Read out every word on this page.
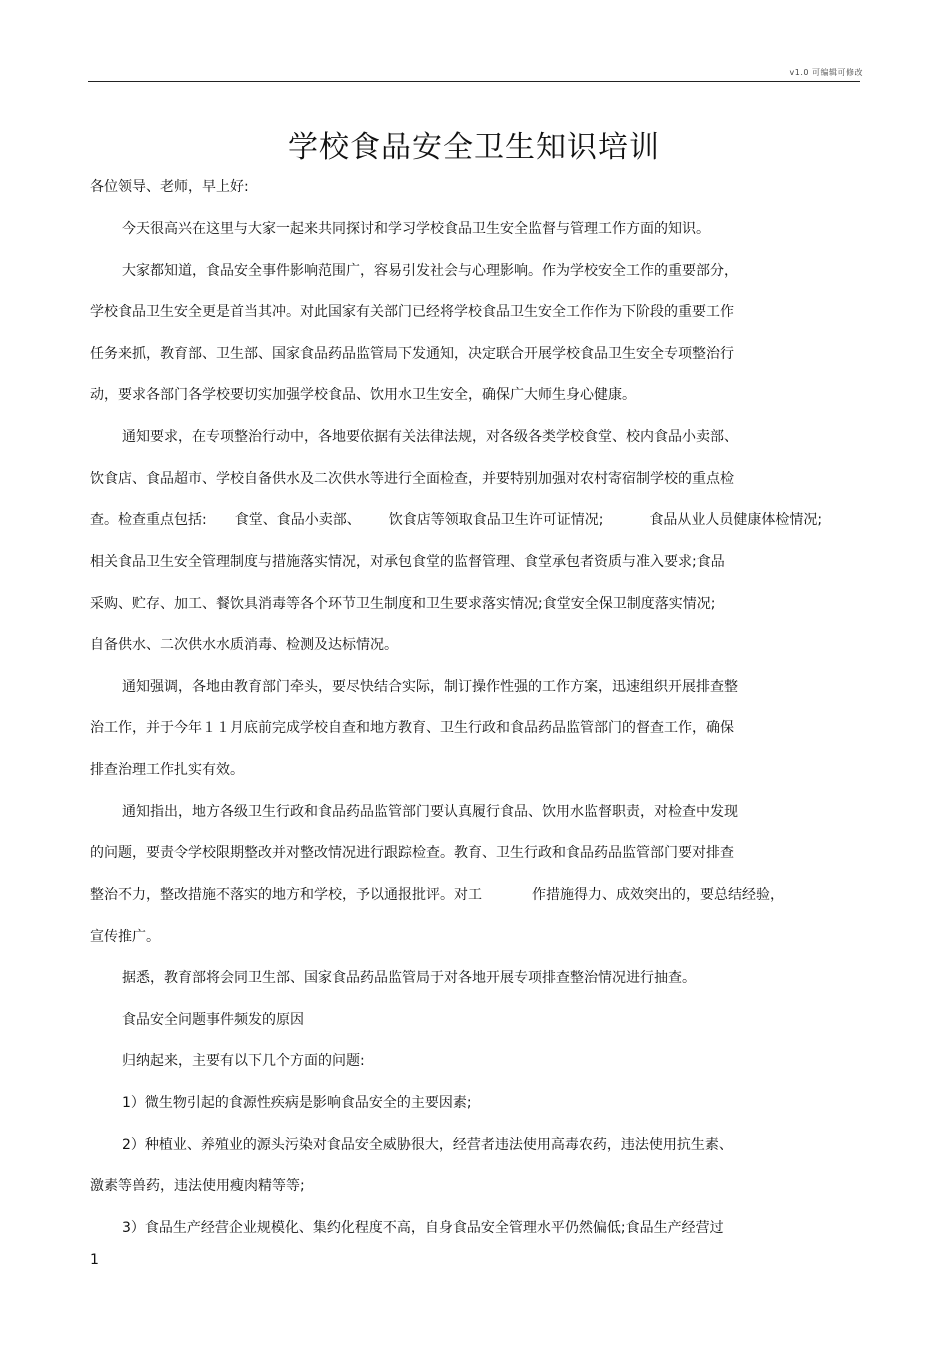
v1.0 可编辑可修改
学校食品安全卫生知识培训
各位领导、老师，早上好:
今天很高兴在这里与大家一起来共同探讨和学习学校食品卫生安全监督与管理工作方面的知识。
大家都知道，食品安全事件影响范围广，容易引发社会与心理影响。作为学校安全工作的重要部分，
学校食品卫生安全更是首当其冲。对此国家有关部门已经将学校食品卫生安全工作作为下阶段的重要工作
任务来抓，教育部、卫生部、国家食品药品监管局下发通知，决定联合开展学校食品卫生安全专项整治行
动，要求各部门各学校要切实加强学校食品、饮用水卫生安全，确保广大师生身心健康。
通知要求，在专项整治行动中，各地要依据有关法律法规，对各级各类学校食堂、校内食品小卖部、
饮食店、食品超市、学校自备供水及二次供水等进行全面检查，并要特别加强对农村寄宿制学校的重点检
查。检查重点包括: 食堂、食品小卖部、 饮食店等领取食品卫生许可证情况;	食品从业人员健康体检情况;
相关食品卫生安全管理制度与措施落实情况，对承包食堂的监督管理、食堂承包者资质与准入要求;食品
采购、贮存、加工、餐饮具消毒等各个环节卫生制度和卫生要求落实情况;食堂安全保卫制度落实情况;
自备供水、二次供水水质消毒、检测及达标情况。
通知强调，各地由教育部门牵头，要尽快结合实际，制订操作性强的工作方案，迅速组织开展排查整
治工作，并于今年１１月底前完成学校自查和地方教育、卫生行政和食品药品监管部门的督查工作，确保
排查治理工作扎实有效。
通知指出，地方各级卫生行政和食品药品监管部门要认真履行食品、饮用水监督职责，对检查中发现
的问题，要责令学校限期整改并对整改情况进行跟踪检查。教育、卫生行政和食品药品监管部门要对排查
整治不力，整改措施不落实的地方和学校，予以通报批评。对工	作措施得力、成效突出的，要总结经验，
宣传推广。
据悉，教育部将会同卫生部、国家食品药品监管局于对各地开展专项排查整治情况进行抽查。
食品安全问题事件频发的原因
归纳起来，主要有以下几个方面的问题:
1）微生物引起的食源性疾病是影响食品安全的主要因素;
2）种植业、养殖业的源头污染对食品安全威胁很大，经营者违法使用高毒农药，违法使用抗生素、
激素等兽药，违法使用瘦肉精等等;
3）食品生产经营企业规模化、集约化程度不高，自身食品安全管理水平仍然偏低;食品生产经营过
1
